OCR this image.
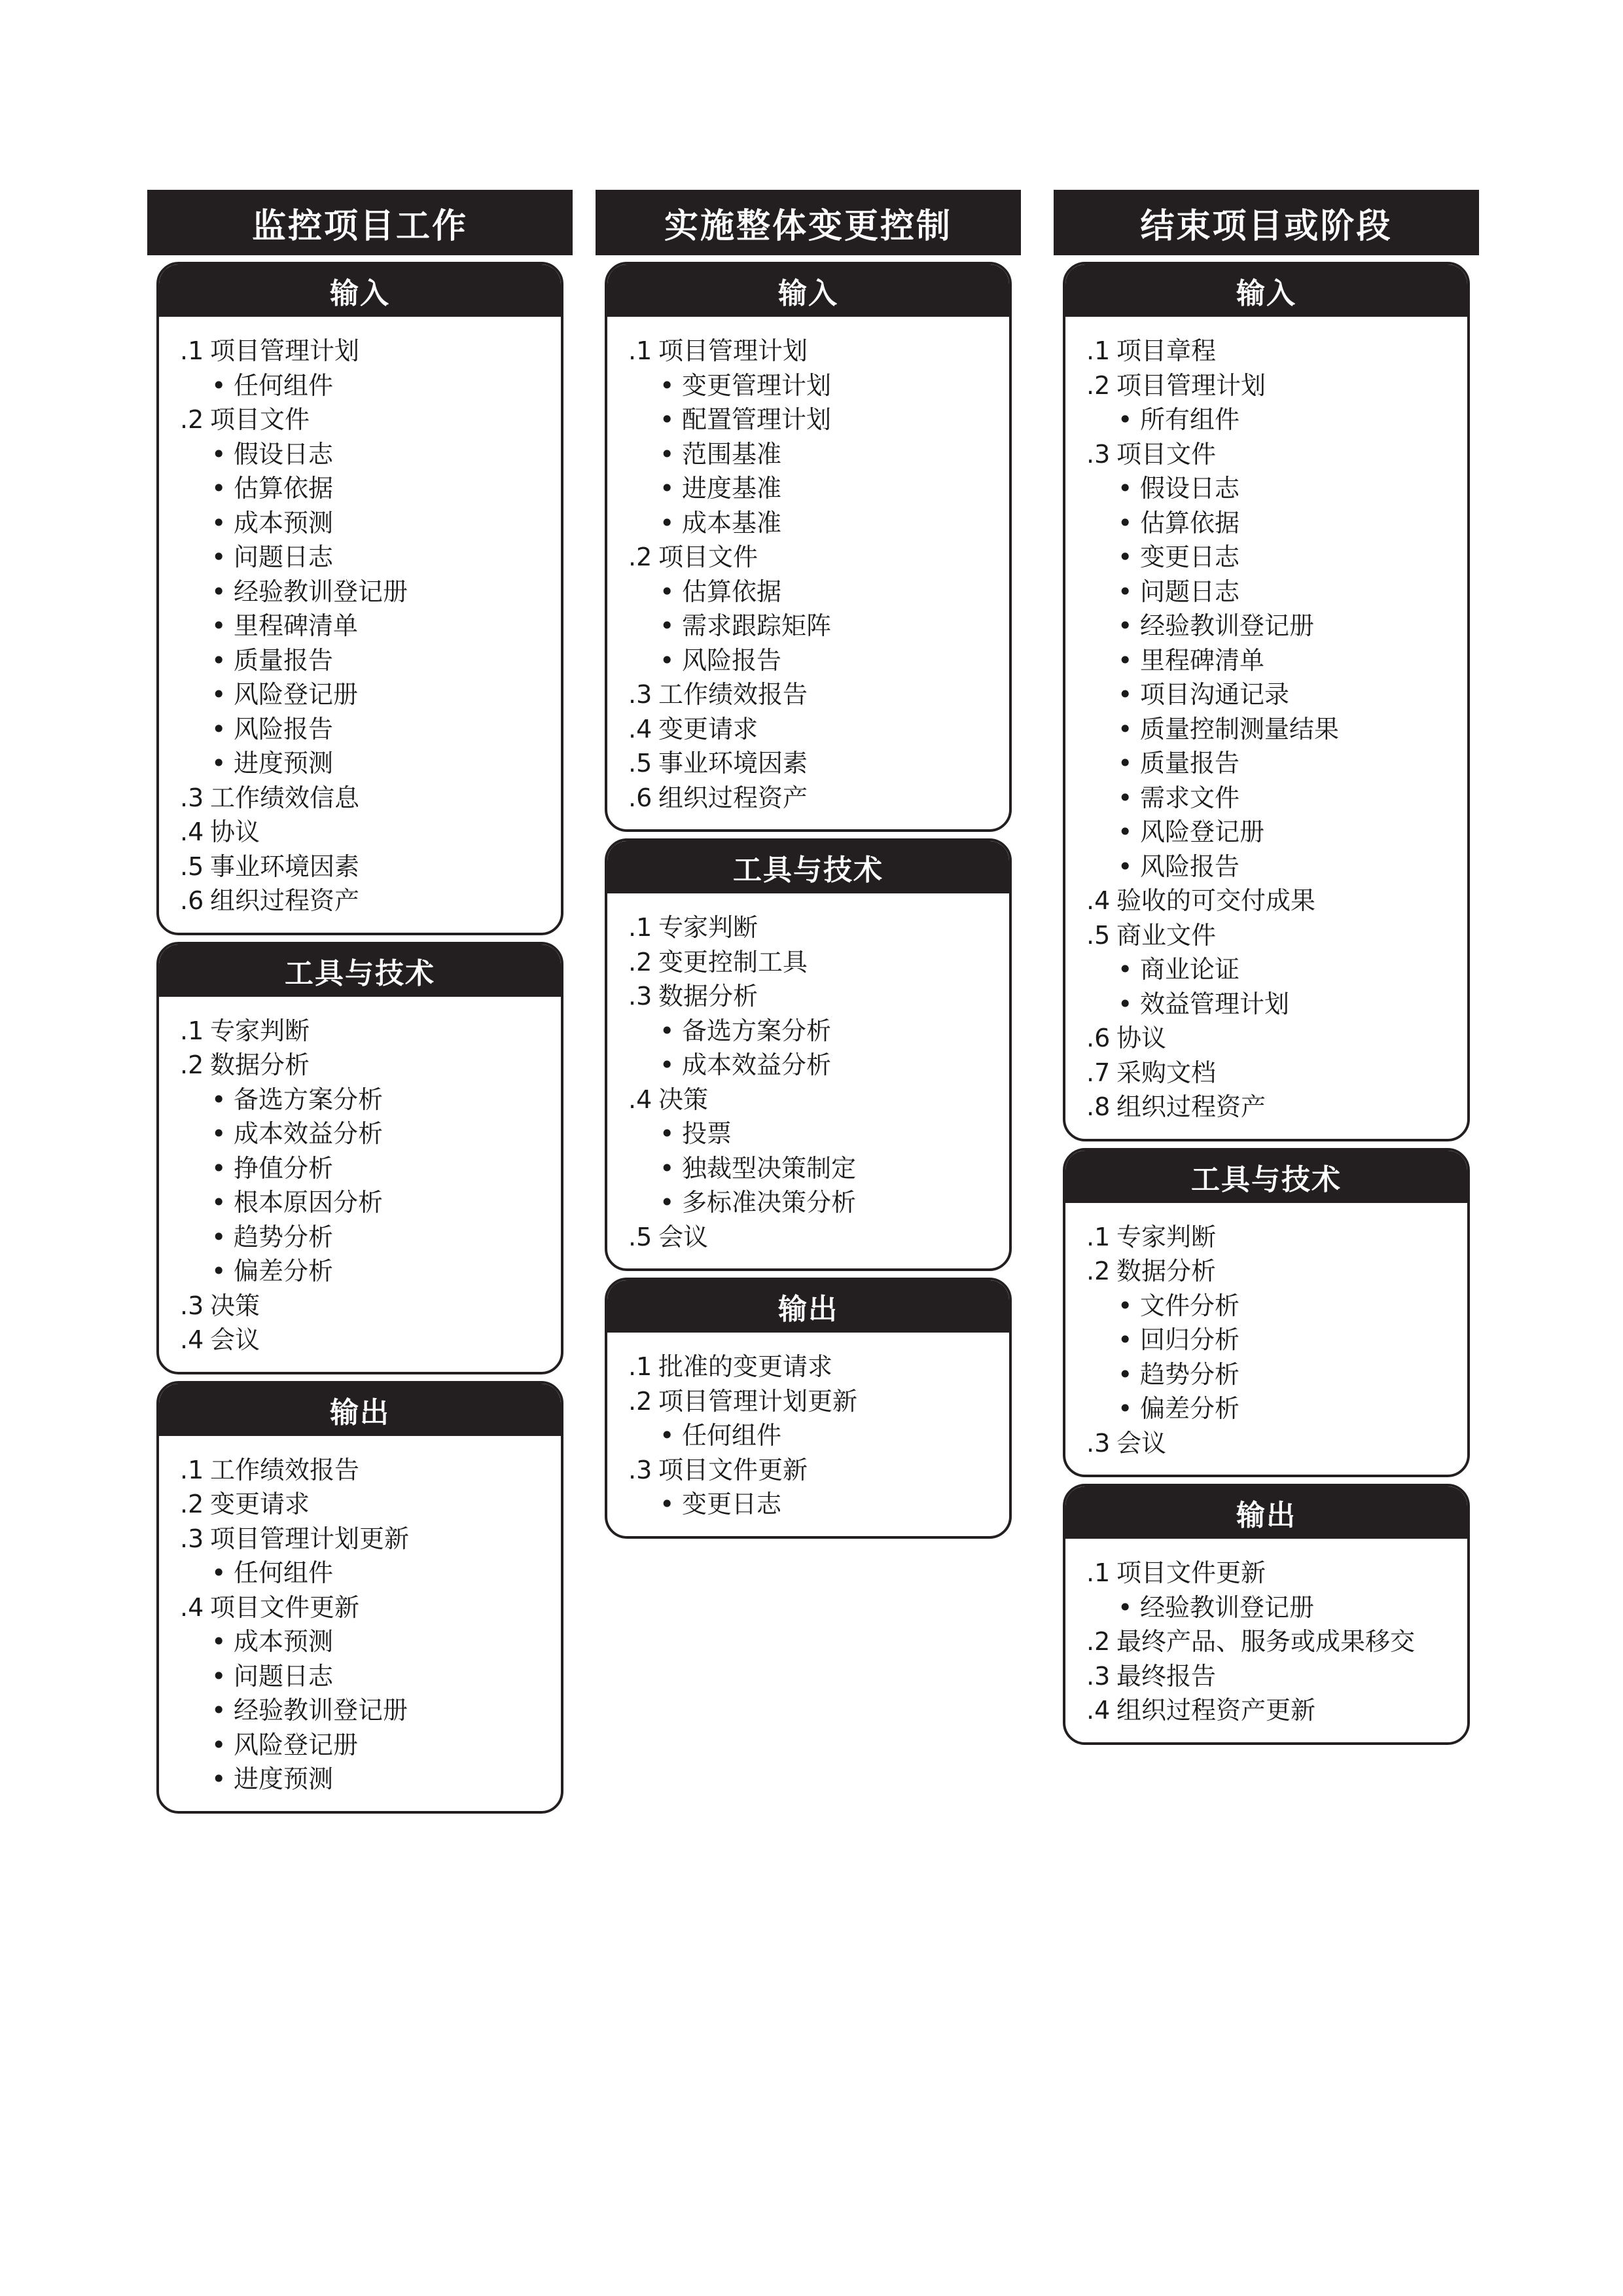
监控项目工作
输入
.1 项目管理计划
• 任何组件
.2 项目文件
• 假设日志
• 估算依据
• 成本预测
• 问题日志
• 经验教训登记册
• 里程碑清单
• 质量报告
• 风险登记册
• 风险报告
• 进度预测
.3 工作绩效信息
.4 协议
.5 事业环境因素
.6 组织过程资产
工具与技术
.1 专家判断
.2 数据分析
• 备选方案分析
• 成本效益分析
• 挣值分析
• 根本原因分析
• 趋势分析
• 偏差分析
.3 决策
.4 会议
输出
.1 工作绩效报告
.2 变更请求
.3 项目管理计划更新
• 任何组件
.4 项目文件更新
• 成本预测
• 问题日志
• 经验教训登记册
• 风险登记册
• 进度预测
实施整体变更控制
输入
.1 项目管理计划
• 变更管理计划
• 配置管理计划
• 范围基准
• 进度基准
• 成本基准
.2 项目文件
• 估算依据
• 需求跟踪矩阵
• 风险报告
.3 工作绩效报告
.4 变更请求
.5 事业环境因素
.6 组织过程资产
工具与技术
.1 专家判断
.2 变更控制工具
.3 数据分析
• 备选方案分析
• 成本效益分析
.4 决策
• 投票
• 独裁型决策制定
• 多标准决策分析
.5 会议
输出
.1 批准的变更请求
.2 项目管理计划更新
• 任何组件
.3 项目文件更新
• 变更日志
结束项目或阶段
输入
.1 项目章程
.2 项目管理计划
• 所有组件
.3 项目文件
• 假设日志
• 估算依据
• 变更日志
• 问题日志
• 经验教训登记册
• 里程碑清单
• 项目沟通记录
• 质量控制测量结果
• 质量报告
• 需求文件
• 风险登记册
• 风险报告
.4 验收的可交付成果
.5 商业文件
• 商业论证
• 效益管理计划
.6 协议
.7 采购文档
.8 组织过程资产
工具与技术
.1 专家判断
.2 数据分析
• 文件分析
• 回归分析
• 趋势分析
• 偏差分析
.3 会议
输出
.1 项目文件更新
• 经验教训登记册
.2 最终产品、服务或成果移交
.3 最终报告
.4 组织过程资产更新
